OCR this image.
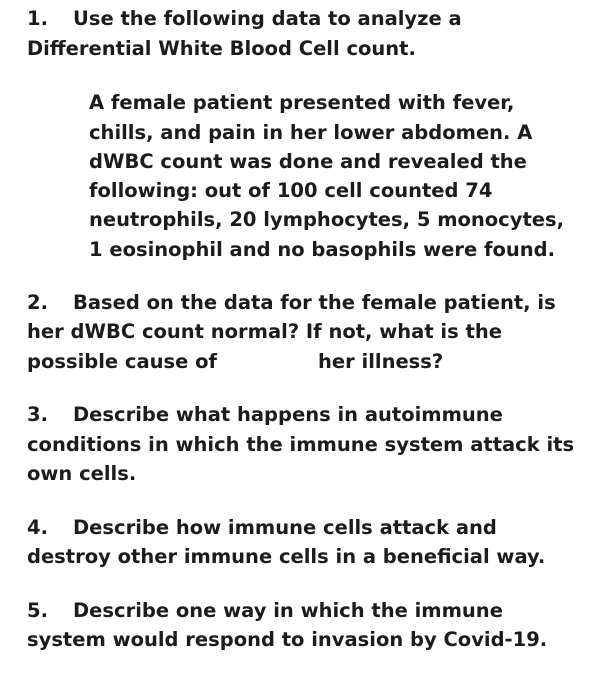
1. Use the following data to analyze a

Differential White Blood Cell count.

A female patient presented with fever,

chills, and pain in her lower abdomen. A

dWBC count was done and revealed the

following: out of 100 cell counted 74

neutrophils, 20 lymphocytes, 5 monocytes,

1 eosinophil and no basophils were found.

2. Based on the data for the female patient, is

her dWBC count normal? If not, what is the

possible cause of	her illness?

3. Describe what happens in autoimmune

conditions in which the immune system attack its

own cells.

4. Describe how immune cells attack and

destroy other immune cells in a beneficial way.

5. Describe one way in which the immune

system would respond to invasion by Covid-19.
